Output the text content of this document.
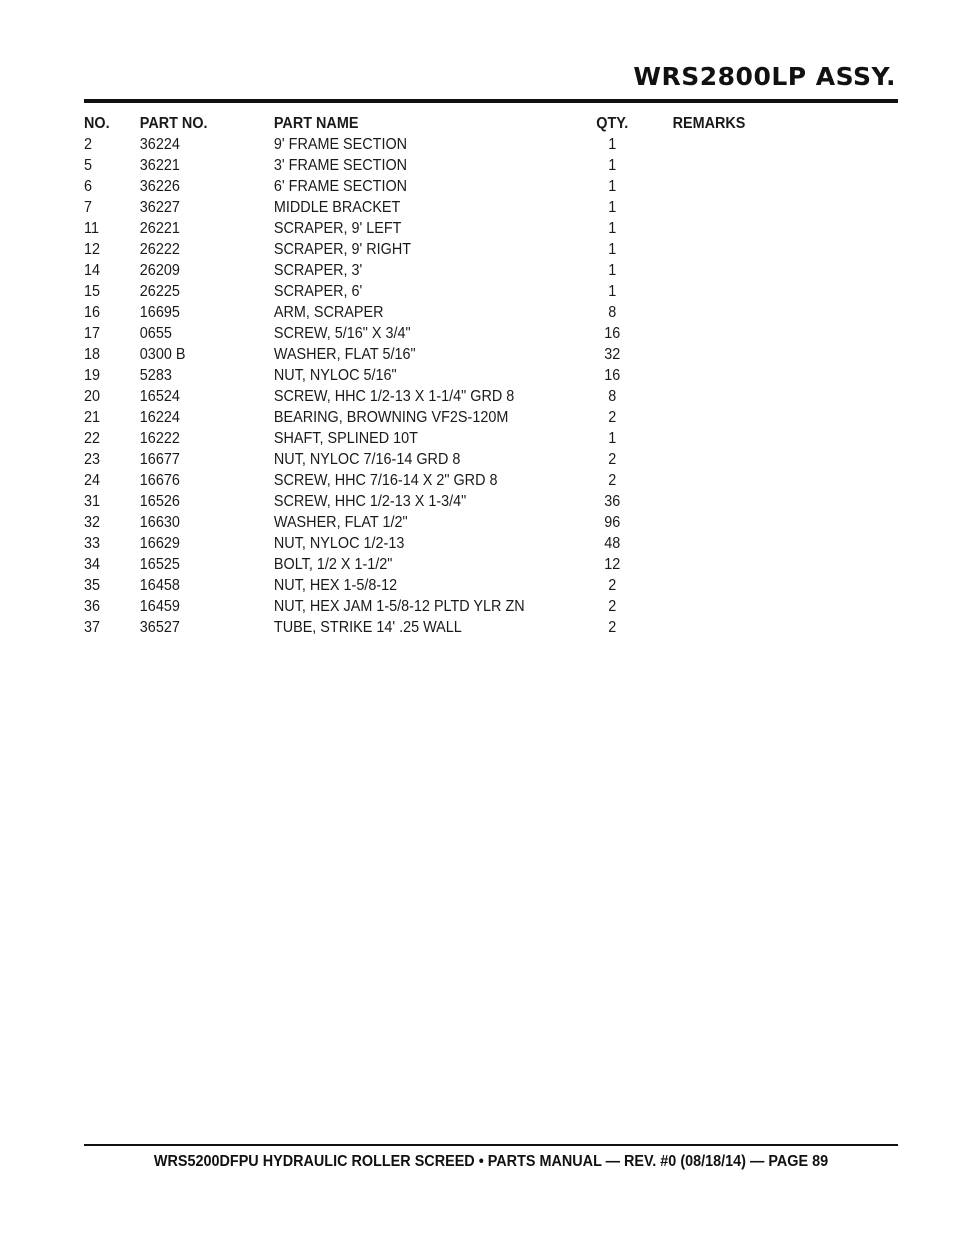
WRS2800LP ASSY.
NO. PART NO.	PART NAME	QTY.	REMARKS
2	36224	9' FRAME SECTION	1
5	36221	3' FRAME SECTION	1
6	36226	6' FRAME SECTION	1
7	36227	MIDDLE BRACKET	1
11	26221	SCRAPER, 9' LEFT	1
12 26222	SCRAPER, 9' RIGHT	1
14 26209	SCRAPER, 3'	1
15 26225	SCRAPER, 6'	1
16 16695	ARM, SCRAPER	8
17 0655	SCREW, 5/16" X 3/4"	16
18 0300 B	WASHER, FLAT 5/16"	32
19 5283	NUT, NYLOC 5/16"	16
20 16524	SCREW, HHC 1/2-13 X 1-1/4" GRD 8	8
21 16224	BEARING, BROWNING VF2S-120M	2
22 16222	SHAFT, SPLINED 10T	1
23 16677	NUT, NYLOC 7/16-14 GRD 8	2
24 16676	SCREW, HHC 7/16-14 X 2" GRD 8	2
31 16526	SCREW, HHC 1/2-13 X 1-3/4"	36
32 16630	WASHER, FLAT 1/2"	96
33 16629	NUT, NYLOC 1/2-13	48
34 16525	BOLT, 1/2 X 1-1/2"	12
35 16458	NUT, HEX 1-5/8-12	2
36 16459	NUT, HEX JAM 1-5/8-12 PLTD YLR ZN	2
37 36527	TUBE, STRIKE 14' .25 WALL	2
WRS5200DFPU HYDRAULIC ROLLER SCREED • PARTS MANUAL — REV. #0 (08/18/14) — PAGE 89
